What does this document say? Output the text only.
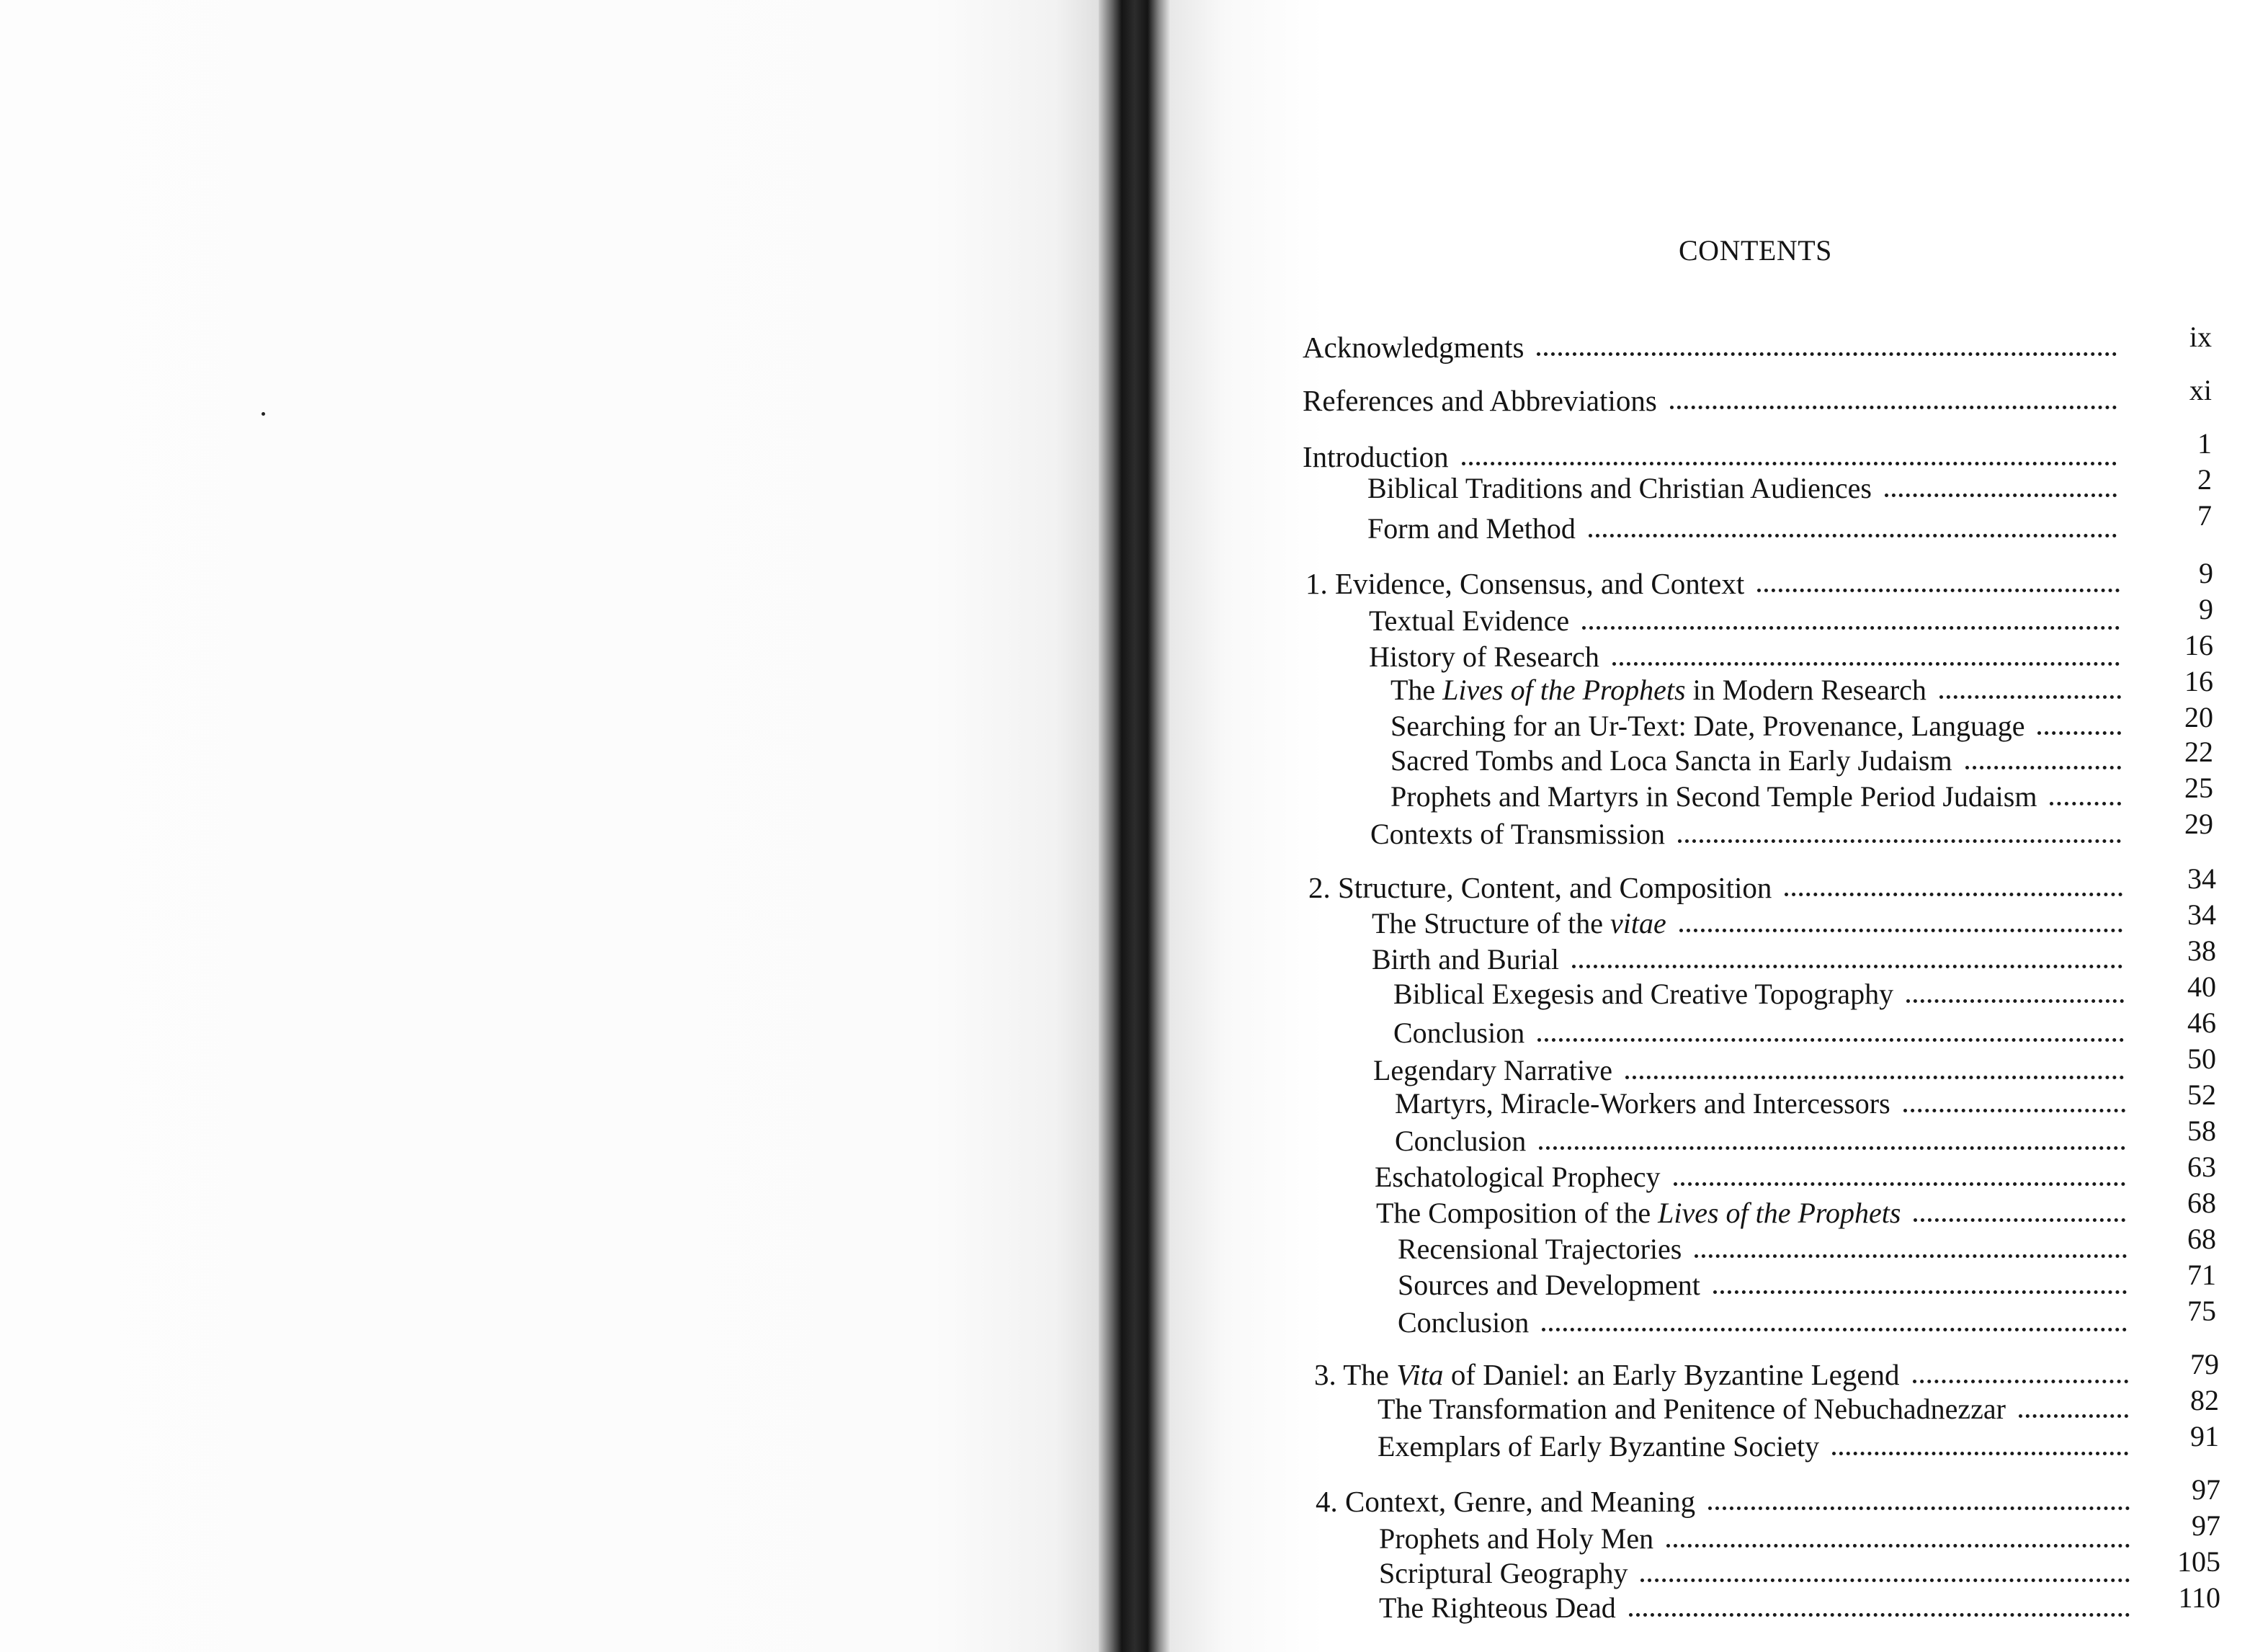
CONTENTS
Acknowledgments	ix
References and Abbreviations	xi
Introduction	1
Biblical Traditions and Christian Audiences	2
Form and Method	7
1. Evidence, Consensus, and Context	9
Textual Evidence	9
History of Research	16
The Lives of the Prophets in Modern Research	16
Searching for an Ur-Text: Date, Provenance, Language	20
Sacred Tombs and Loca Sancta in Early Judaism	22
Prophets and Martyrs in Second Temple Period Judaism	25
Contexts of Transmission	29
2. Structure, Content, and Composition	34
The Structure of the vitae	34
Birth and Burial	38
Biblical Exegesis and Creative Topography	40
Conclusion	46
Legendary Narrative	50
Martyrs, Miracle-Workers and Intercessors	52
Conclusion	58
Eschatological Prophecy	63
The Composition of the Lives of the Prophets	68
Recensional Trajectories	68
Sources and Development	71
Conclusion	75
3. The Vita of Daniel: an Early Byzantine Legend	79
The Transformation and Penitence of Nebuchadnezzar	82
Exemplars of Early Byzantine Society	91
4. Context, Genre, and Meaning	97
Prophets and Holy Men	97
Scriptural Geography	105
The Righteous Dead	110
